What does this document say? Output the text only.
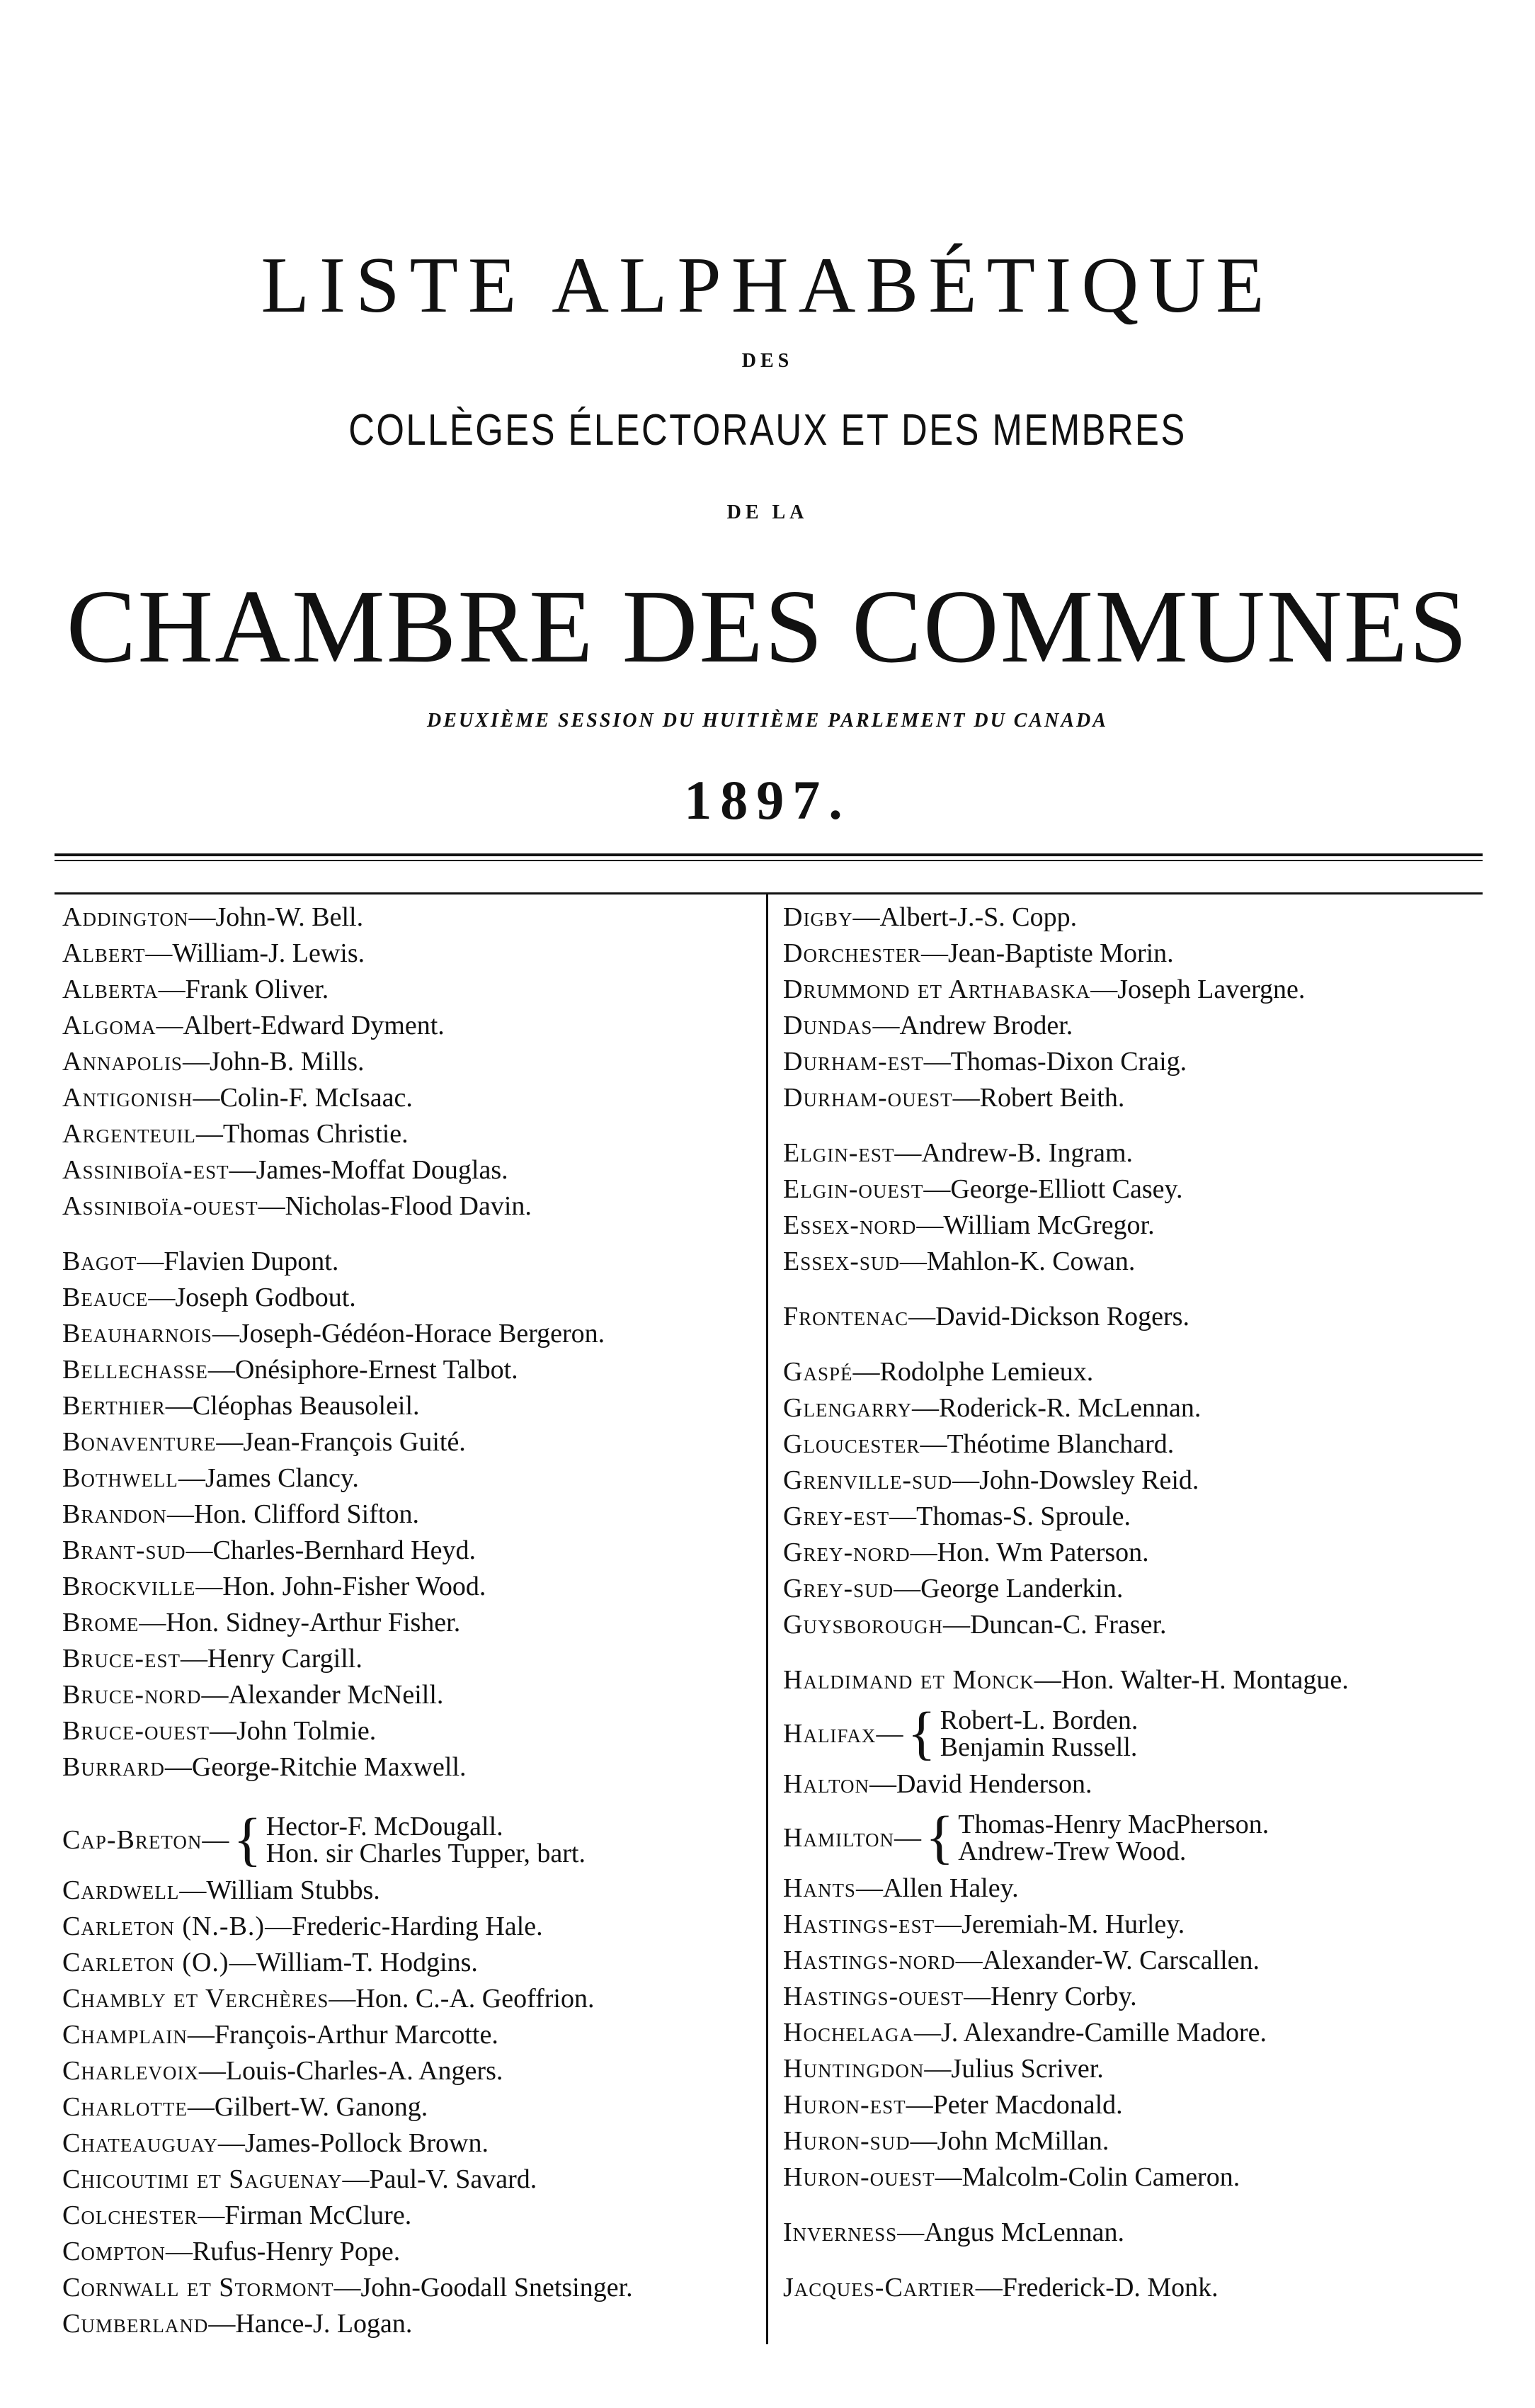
LISTE ALPHABÉTIQUE
DES
COLLÈGES ÉLECTORAUX ET DES MEMBRES
DE LA
CHAMBRE DES COMMUNES
DEUXIÈME SESSION DU HUITIÈME PARLEMENT DU CANADA
1897.
Addington—John-W. Bell.
Albert—William-J. Lewis.
Alberta—Frank Oliver.
Algoma—Albert-Edward Dyment.
Annapolis—John-B. Mills.
Antigonish—Colin-F. McIsaac.
Argenteuil—Thomas Christie.
Assiniboïa-est—James-Moffat Douglas.
Assiniboïa-ouest—Nicholas-Flood Davin.
Bagot—Flavien Dupont.
Beauce—Joseph Godbout.
Beauharnois—Joseph-Gédéon-Horace Bergeron.
Bellechasse—Onésiphore-Ernest Talbot.
Berthier—Cléophas Beausoleil.
Bonaventure—Jean-François Guité.
Bothwell—James Clancy.
Brandon—Hon. Clifford Sifton.
Brant-sud—Charles-Bernhard Heyd.
Brockville—Hon. John-Fisher Wood.
Brome—Hon. Sidney-Arthur Fisher.
Bruce-est—Henry Cargill.
Bruce-nord—Alexander McNeill.
Bruce-ouest—John Tolmie.
Burrard—George-Ritchie Maxwell.
Cap-Breton — { Hector-F. McDougall.
Hon. sir Charles Tupper, bart.
Cardwell—William Stubbs.
Carleton (N.-B.)—Frederic-Harding Hale.
Carleton (O.)—William-T. Hodgins.
Chambly et Verchères—Hon. C.-A. Geoffrion.
Champlain—François-Arthur Marcotte.
Charlevoix—Louis-Charles-A. Angers.
Charlotte—Gilbert-W. Ganong.
Chateauguay—James-Pollock Brown.
Chicoutimi et Saguenay—Paul-V. Savard.
Colchester—Firman McClure.
Compton—Rufus-Henry Pope.
Cornwall et Stormont—John-Goodall Snetsinger.
Cumberland—Hance-J. Logan.
Digby—Albert-J.-S. Copp.
Dorchester—Jean-Baptiste Morin.
Drummond et Arthabaska—Joseph Lavergne.
Dundas—Andrew Broder.
Durham-est—Thomas-Dixon Craig.
Durham-ouest—Robert Beith.
Elgin-est—Andrew-B. Ingram.
Elgin-ouest—George-Elliott Casey.
Essex-nord—William McGregor.
Essex-sud—Mahlon-K. Cowan.
Frontenac—David-Dickson Rogers.
Gaspé—Rodolphe Lemieux.
Glengarry—Roderick-R. McLennan.
Gloucester—Théotime Blanchard.
Grenville-sud—John-Dowsley Reid.
Grey-est—Thomas-S. Sproule.
Grey-nord—Hon. Wm Paterson.
Grey-sud—George Landerkin.
Guysborough—Duncan-C. Fraser.
Haldimand et Monck—Hon. Walter-H. Montague.
Halifax — { Robert-L. Borden.
Benjamin Russell.
Halton—David Henderson.
Hamilton — { Thomas-Henry MacPherson.
Andrew-Trew Wood.
Hants—Allen Haley.
Hastings-est—Jeremiah-M. Hurley.
Hastings-nord—Alexander-W. Carscallen.
Hastings-ouest—Henry Corby.
Hochelaga—J. Alexandre-Camille Madore.
Huntingdon—Julius Scriver.
Huron-est—Peter Macdonald.
Huron-sud—John McMillan.
Huron-ouest—Malcolm-Colin Cameron.
Inverness—Angus McLennan.
Jacques-Cartier—Frederick-D. Monk.
